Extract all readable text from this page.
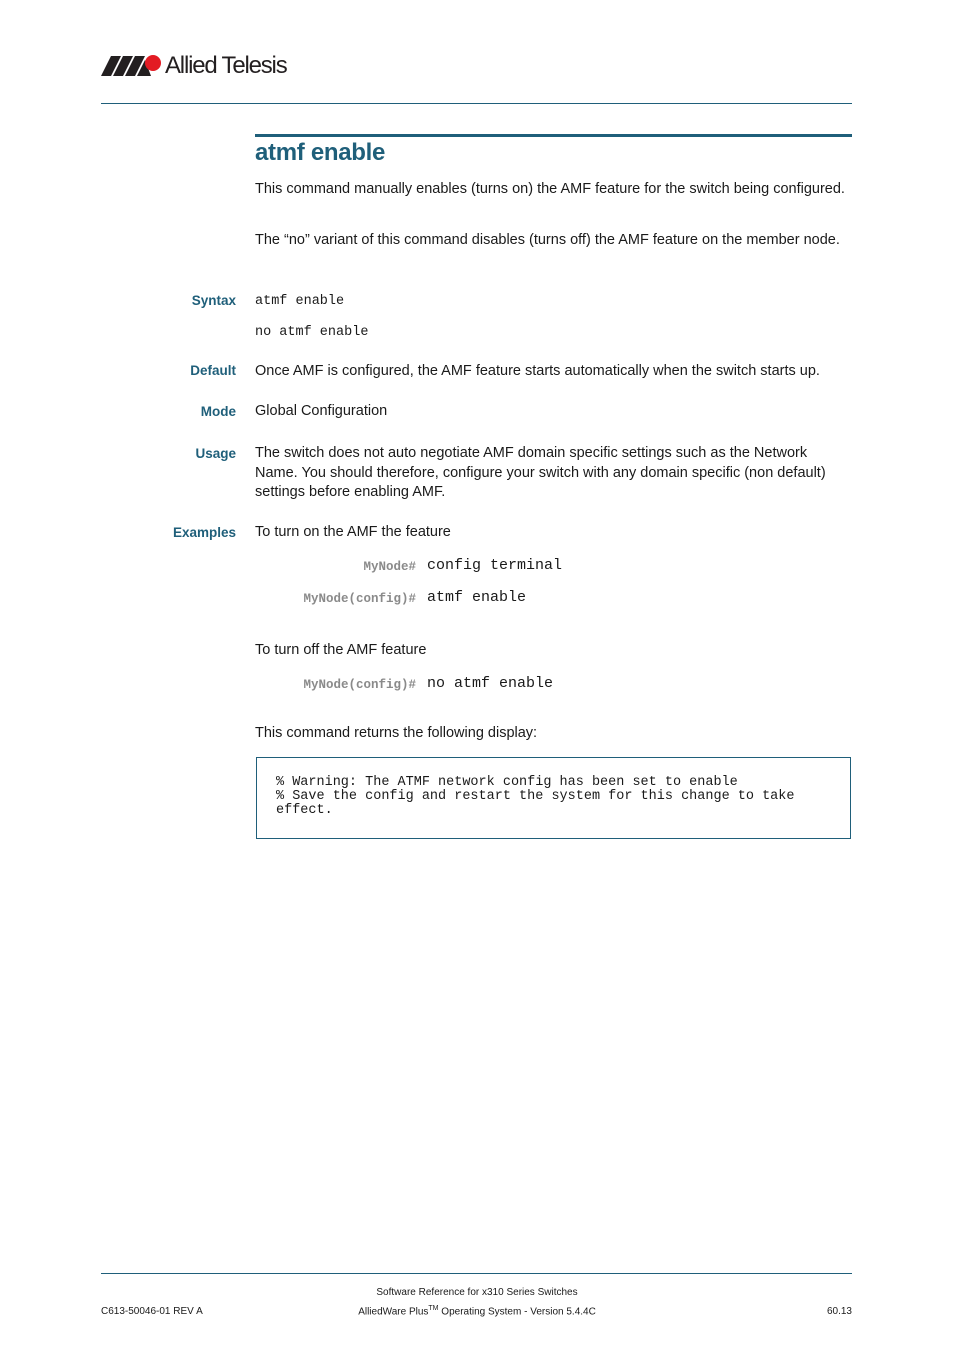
Allied Telesis
atmf enable

This command manually enables (turns on) the AMF feature for the switch being configured.

The “no” variant of this command disables (turns off) the AMF feature on the member node.

Syntax atmf enable
no atmf enable
Default Once AMF is configured, the AMF feature starts automatically when the switch starts up.

Mode Global Configuration

Usage The switch does not auto negotiate AMF domain specific settings such as the Network Name. You should therefore, configure your switch with any domain specific (non default) settings before enabling AMF.

Examples To turn on the AMF the feature

MyNode# config terminal
MyNode(config)# atmf enable

To turn off the AMF feature

MyNode(config)# no atmf enable

This command returns the following display:

% Warning: The ATMF network config has been set to enable
% Save the config and restart the system for this change to take
effect.
Software Reference for x310 Series Switches
AlliedWare Plus™ Operating System - Version 5.4.4C
C613-50046-01 REV A	60.13
